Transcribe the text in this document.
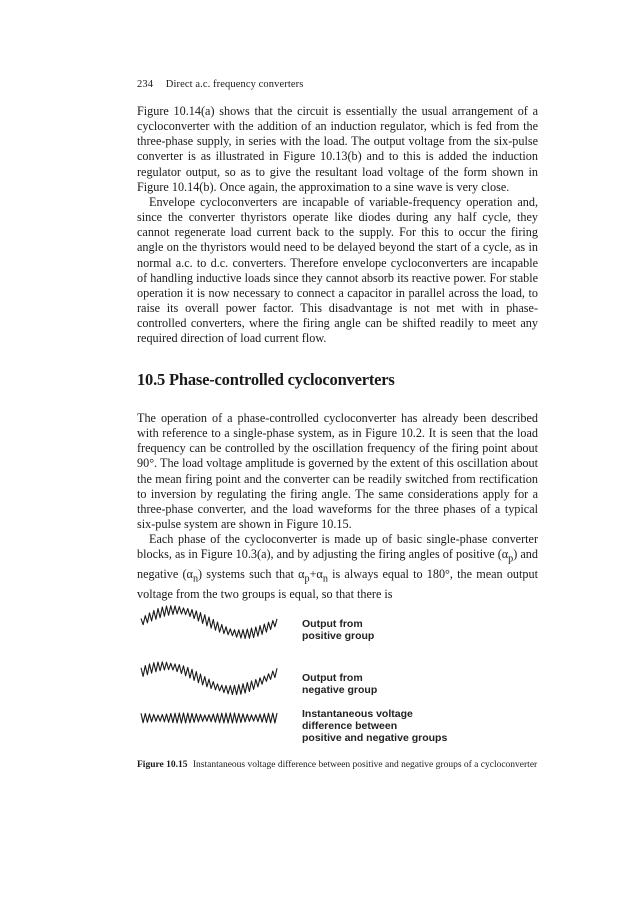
234 Direct a.c. frequency converters

Figure 10.14(a) shows that the circuit is essentially the usual arrangement of a cycloconverter with the addition of an induction regulator, which is fed from the three-phase supply, in series with the load. The output voltage from the six-pulse converter is as illustrated in Figure 10.13(b) and to this is added the induction regulator output, so as to give the resultant load voltage of the form shown in Figure 10.14(b). Once again, the approximation to a sine wave is very close.

Envelope cycloconverters are incapable of variable-frequency operation and, since the converter thyristors operate like diodes during any half cycle, they cannot regenerate load current back to the supply. For this to occur the firing angle on the thyristors would need to be delayed beyond the start of a cycle, as in normal a.c. to d.c. converters. Therefore envelope cycloconverters are incapable of handling inductive loads since they cannot absorb its reactive power. For stable operation it is now necessary to connect a capacitor in parallel across the load, to raise its overall power factor. This disadvantage is not met with in phase-controlled converters, where the firing angle can be shifted readily to meet any required direction of load current flow.

10.5 Phase-controlled cycloconverters

The operation of a phase-controlled cycloconverter has already been described with reference to a single-phase system, as in Figure 10.2. It is seen that the load frequency can be controlled by the oscillation frequency of the firing point about 90°. The load voltage amplitude is governed by the extent of this oscillation about the mean firing point and the converter can be readily switched from rectification to inversion by regulating the firing angle. The same considerations apply for a three-phase converter, and the load waveforms for the three phases of a typical six-pulse system are shown in Figure 10.15.

Each phase of the cycloconverter is made up of basic single-phase converter blocks, as in Figure 10.3(a), and by adjusting the firing angles of positive $(\alpha_p)$ and negative $(\alpha_n)$ systems such that $\alpha_p+\alpha_n$ is always equal to 180°, the mean output voltage from the two groups is equal, so that there is

Output from
positive group
Output from
negative group
Instantaneous voltage
difference between
positive and negative groups
Figure 10.15 Instantaneous voltage difference between positive and negative groups of a cycloconverter
